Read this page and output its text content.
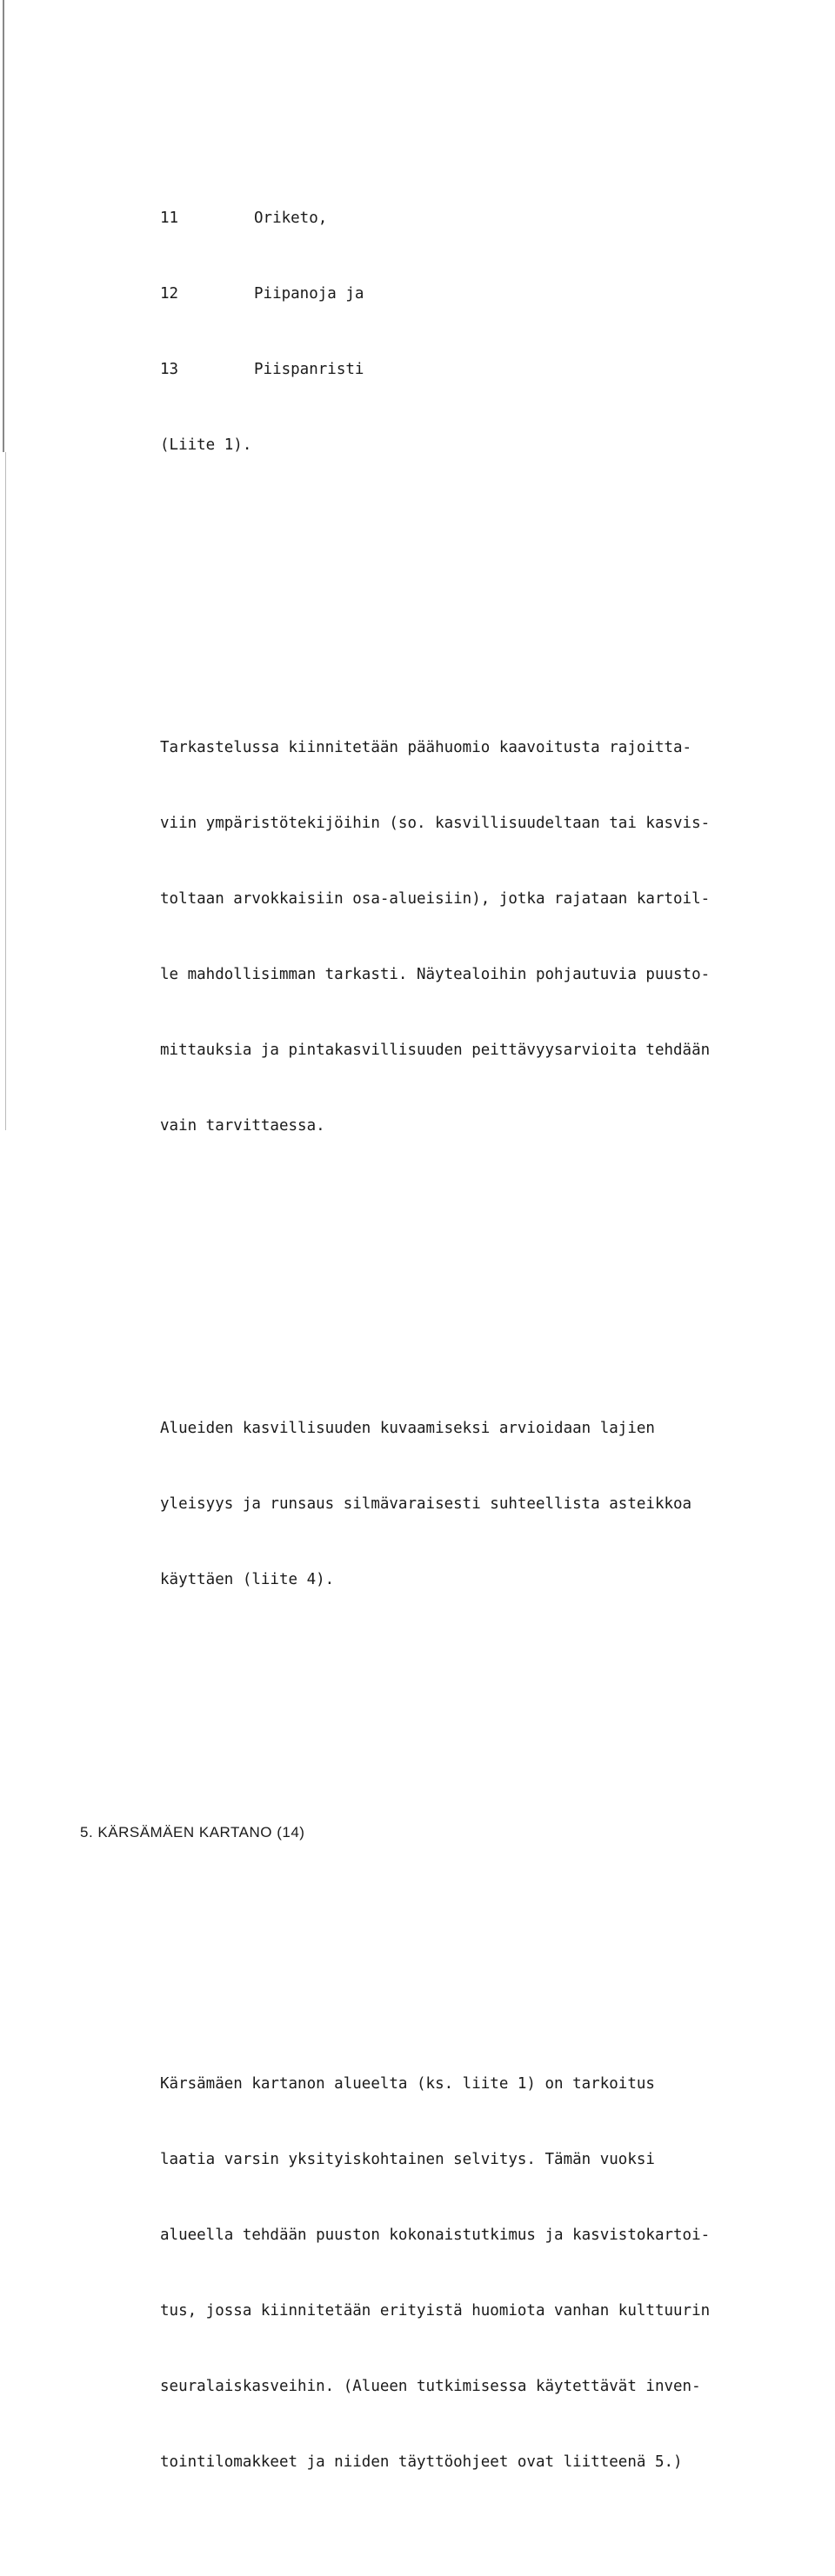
11	Oriketo,

12	Piipanoja ja

13	Piispanristi

(Liite 1).

Tarkastelussa kiinnitetään päähuomio kaavoitusta rajoitta-

viin ympäristötekijöihin (so. kasvillisuudeltaan tai kasvis-

toltaan arvokkaisiin osa-alueisiin), jotka rajataan kartoil-

le mahdollisimman tarkasti. Näytealoihin pohjautuvia puusto-

mittauksia ja pintakasvillisuuden peittävyysarvioita tehdään

vain tarvittaessa.

Alueiden kasvillisuuden kuvaamiseksi arvioidaan lajien

yleisyys ja runsaus silmävaraisesti suhteellista asteikkoa

käyttäen (liite 4).

5. KÄRSÄMÄEN KARTANO (14)

Kärsämäen kartanon alueelta (ks. liite 1) on tarkoitus

laatia varsin yksityiskohtainen selvitys. Tämän vuoksi

alueella tehdään puuston kokonaistutkimus ja kasvistokartoi-

tus, jossa kiinnitetään erityistä huomiota vanhan kulttuurin

seuralaiskasveihin. (Alueen tutkimisessa käytettävät inven-

tointilomakkeet ja niiden täyttöohjeet ovat liitteenä 5.)
